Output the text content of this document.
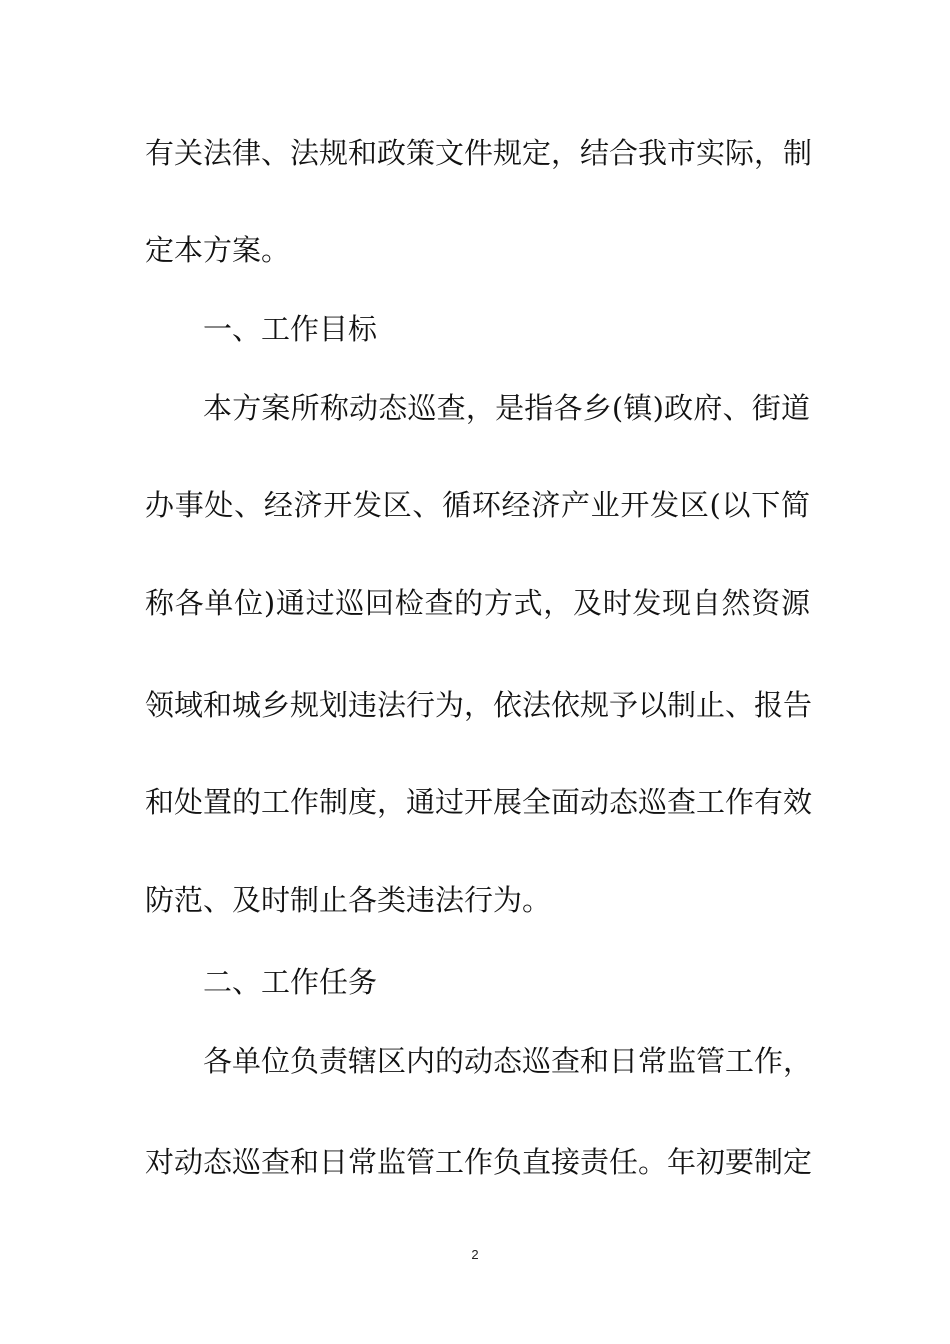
有关法律、法规和政策文件规定，结合我市实际，制
定本方案。
一、工作目标
本方案所称动态巡查，是指各乡(镇)政府、街道
办事处、经济开发区、循环经济产业开发区(以下简
称各单位)通过巡回检查的方式，及时发现自然资源
领域和城乡规划违法行为，依法依规予以制止、报告
和处置的工作制度，通过开展全面动态巡查工作有效
防范、及时制止各类违法行为。
二、工作任务
各单位负责辖区内的动态巡查和日常监管工作，
对动态巡查和日常监管工作负直接责任。年初要制定
2
